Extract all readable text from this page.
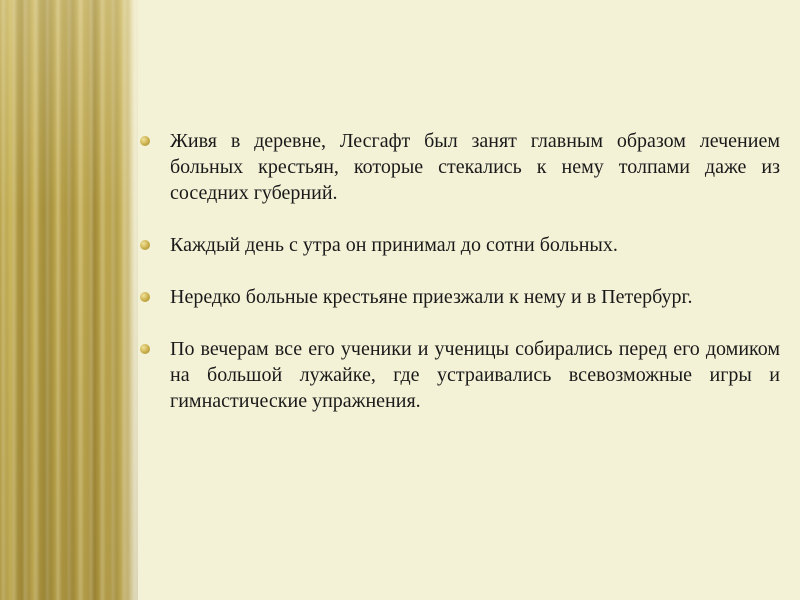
Живя в деревне, Лесгафт был занят главным образом лечением больных крестьян, которые стекались к нему толпами даже из соседних губерний.
Каждый день с утра он принимал до сотни больных.
Нередко больные крестьяне приезжали к нему и в Петербург.
По вечерам все его ученики и ученицы собирались перед его домиком на большой лужайке, где устраивались всевозможные игры и гимнастические упражнения.
